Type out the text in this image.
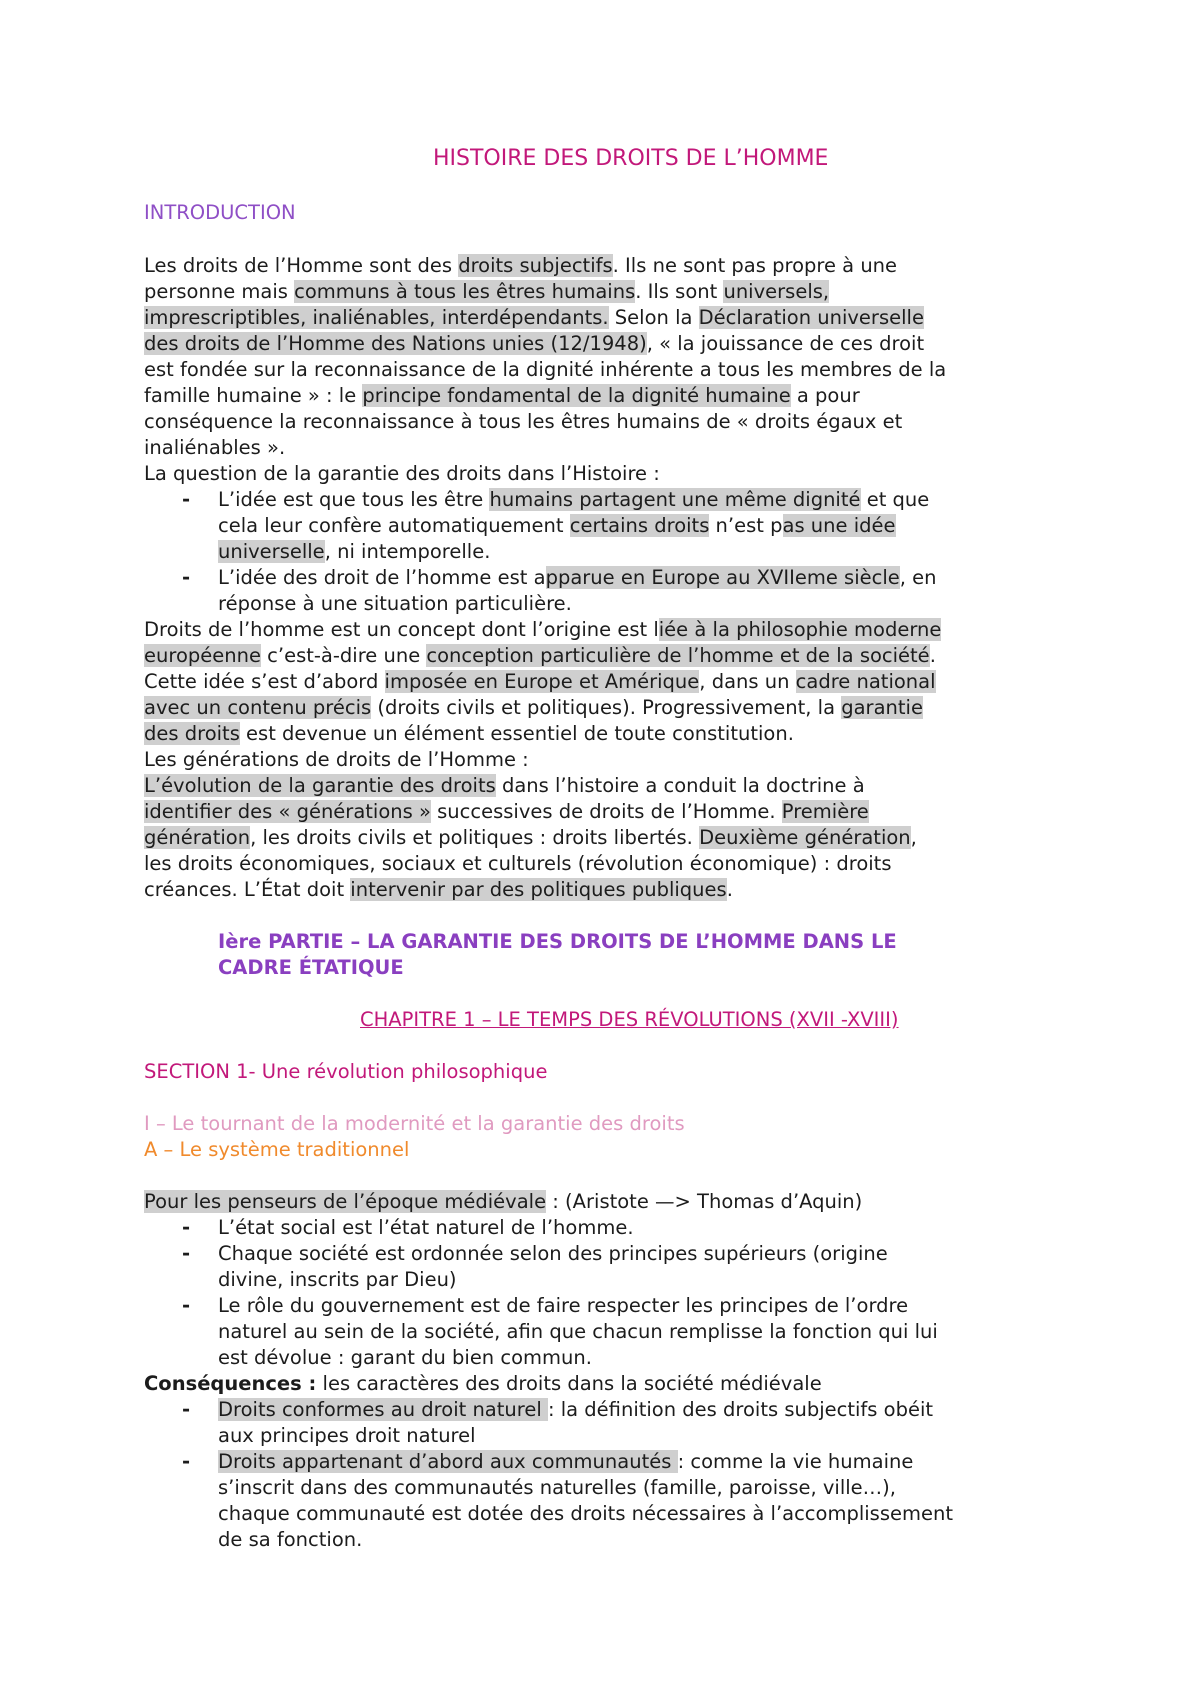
HISTOIRE DES DROITS DE L’HOMME
INTRODUCTION
Les droits de l’Homme sont des droits subjectifs. Ils ne sont pas propre à une
personne mais communs à tous les êtres humains. Ils sont universels,
imprescriptibles, inaliénables, interdépendants. Selon la Déclaration universelle
des droits de l’Homme des Nations unies (12/1948), « la jouissance de ces droit
est fondée sur la reconnaissance de la dignité inhérente a tous les membres de la
famille humaine » : le principe fondamental de la dignité humaine a pour
conséquence la reconnaissance à tous les êtres humains de « droits égaux et
inaliénables ».
La question de la garantie des droits dans l’Histoire :
- L’idée est que tous les être humains partagent une même dignité et que
cela leur confère automatiquement certains droits n’est pas une idée
universelle, ni intemporelle.
- L’idée des droit de l’homme est apparue en Europe au XVIIeme siècle, en
réponse à une situation particulière.
Droits de l’homme est un concept dont l’origine est liée à la philosophie moderne
européenne c’est-à-dire une conception particulière de l’homme et de la société.
Cette idée s’est d’abord imposée en Europe et Amérique, dans un cadre national
avec un contenu précis (droits civils et politiques). Progressivement, la garantie
des droits est devenue un élément essentiel de toute constitution.
Les générations de droits de l’Homme :
L’évolution de la garantie des droits dans l’histoire a conduit la doctrine à
identifier des « générations » successives de droits de l’Homme. Première
génération, les droits civils et politiques : droits libertés. Deuxième génération,
les droits économiques, sociaux et culturels (révolution économique) : droits
créances. L’État doit intervenir par des politiques publiques.
Ière PARTIE – LA GARANTIE DES DROITS DE L’HOMME DANS LE
CADRE ÉTATIQUE
CHAPITRE 1 – LE TEMPS DES RÉVOLUTIONS (XVII -XVIII)
SECTION 1- Une révolution philosophique
I – Le tournant de la modernité et la garantie des droits
A – Le système traditionnel
Pour les penseurs de l’époque médiévale : (Aristote —> Thomas d’Aquin)
- L’état social est l’état naturel de l’homme.
- Chaque société est ordonnée selon des principes supérieurs (origine
divine, inscrits par Dieu)
- Le rôle du gouvernement est de faire respecter les principes de l’ordre
naturel au sein de la société, afin que chacun remplisse la fonction qui lui
est dévolue : garant du bien commun.
Conséquences : les caractères des droits dans la société médiévale
- Droits conformes au droit naturel : la définition des droits subjectifs obéit
aux principes droit naturel
- Droits appartenant d’abord aux communautés : comme la vie humaine
s’inscrit dans des communautés naturelles (famille, paroisse, ville…),
chaque communauté est dotée des droits nécessaires à l’accomplissement
de sa fonction.
